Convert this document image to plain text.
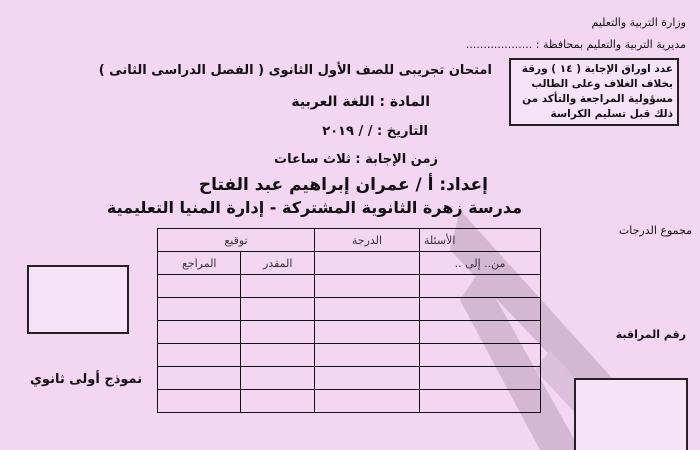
وزارة التربية والتعليم
مديرية التربية والتعليم بمحافظة : ...................
عدد اوراق الإجابة ( ١٤ ) ورقة
بخلاف الغلاف وعلى الطالب
مسؤولية المراجعة والتأكد من
ذلك قبل تسليم الكراسة
امتحان تجريبى للصف الأول الثانوى ( الفصل الدراسى الثانى )
المادة : اللغة العربية
التاريخ : / / ٢٠١٩
زمن الإجابة : ثلاث ساعات
إعداد: أ / عمران إبراهيم عبد الفتاح
مدرسة زهرة الثانوية المشتركة - إدارة المنيا التعليمية
مجموع الدرجات
رقم المراقبة
الأسئلة	الدرجة	توقيع	
من.. إلى ..		المقدر	المراجع

نموذج أولى ثانوي
